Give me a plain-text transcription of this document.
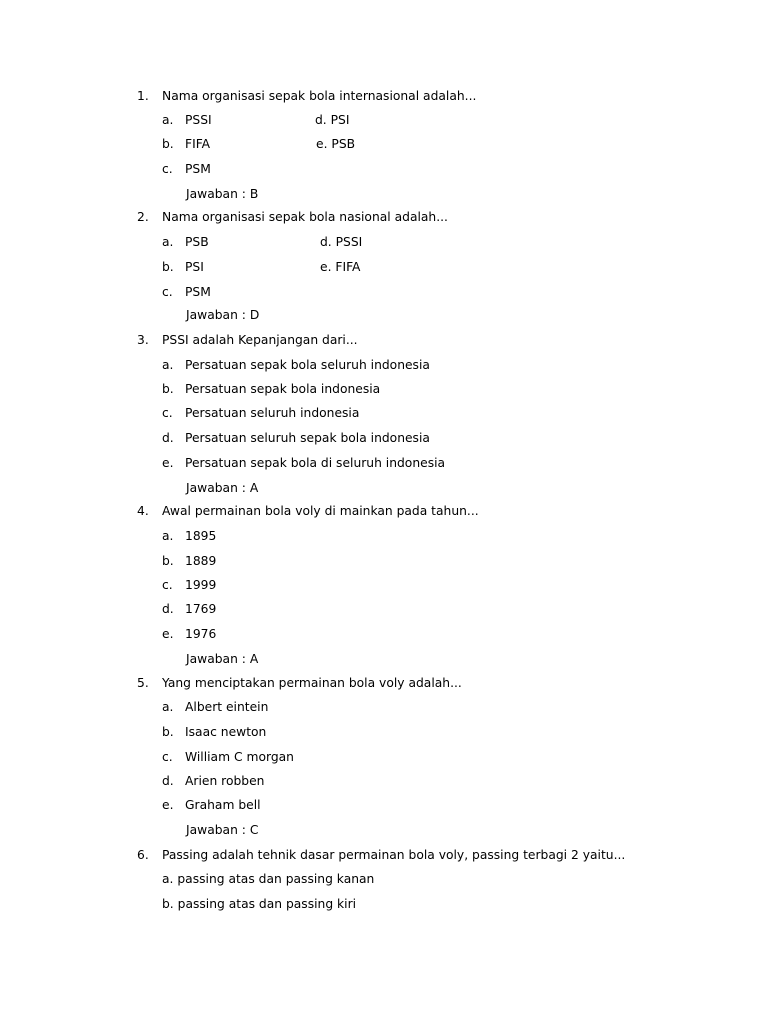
1. Nama organisasi sepak bola internasional adalah...
a. PSSI	d. PSI
b. FIFA	e. PSB
c. PSM
Jawaban : B
2. Nama organisasi sepak bola nasional adalah...
a. PSB	d. PSSI
b. PSI	e. FIFA
c. PSM
Jawaban : D
3. PSSI adalah Kepanjangan dari...
a. Persatuan sepak bola seluruh indonesia
b. Persatuan sepak bola indonesia
c. Persatuan seluruh indonesia
d. Persatuan seluruh sepak bola indonesia
e. Persatuan sepak bola di seluruh indonesia
Jawaban : A
4. Awal permainan bola voly di mainkan pada tahun...
a. 1895
b. 1889
c. 1999
d. 1769
e. 1976
Jawaban : A
5. Yang menciptakan permainan bola voly adalah...
a. Albert eintein
b. Isaac newton
c. William C morgan
d. Arien robben
e. Graham bell
Jawaban : C
6. Passing adalah tehnik dasar permainan bola voly, passing terbagi 2 yaitu...
a. passing atas dan passing kanan
b. passing atas dan passing kiri
